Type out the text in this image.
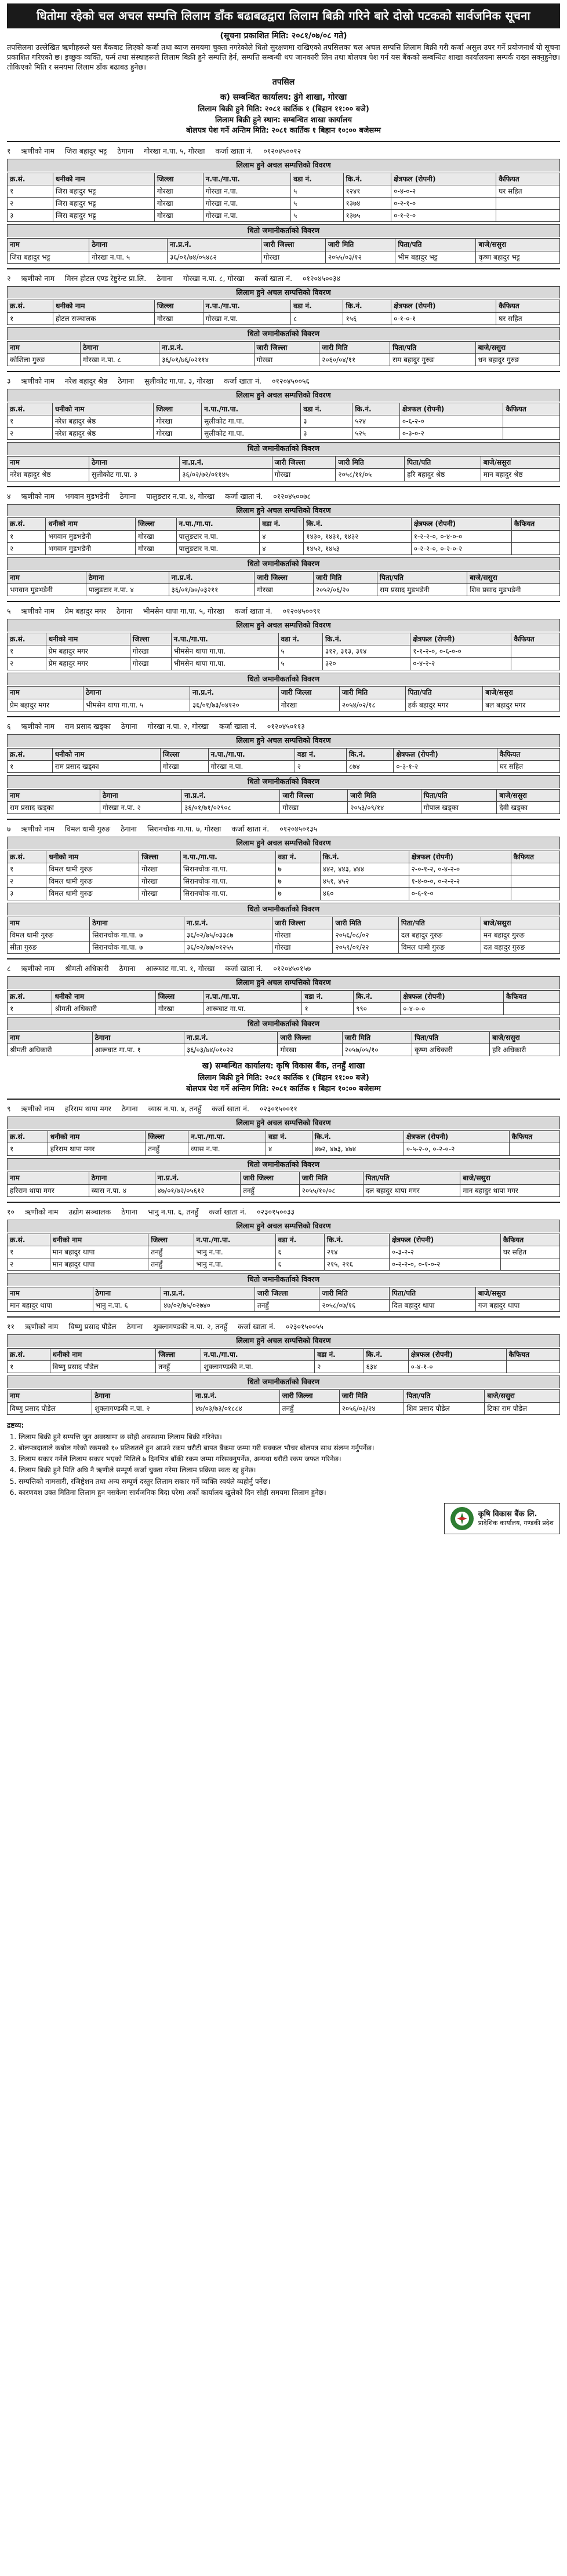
धितोमा रहेको चल अचल सम्पत्ति लिलाम डाँक बढाबढद्वारा लिलाम बिक्री गरिने बारे दोस्रो पटकको सार्वजनिक सूचना
(सूचना प्रकाशित मिति: २०८१/०७/०८ गते)
तपसिलमा उल्लेखित ऋणीहरूले यस बैंकबाट लिएको कर्जा तथा ब्याज समयमा चुक्ता नगरेकोले धितो सुरक्षणमा राखिएको तपसिलका चल अचल सम्पत्ति लिलाम बिक्री गरी कर्जा असुल उपर गर्ने प्रयोजनार्थ यो सूचना प्रकाशित गरिएको छ। इच्छुक व्यक्ति, फर्म तथा संस्थाहरूले लिलाम बिक्री हुने सम्पत्ति हेर्न, सम्पत्ति सम्बन्धी थप जानकारी लिन तथा बोलपत्र पेश गर्न यस बैंकको सम्बन्धित शाखा कार्यालयमा सम्पर्क राख्न सक्नुहुनेछ। तोकिएको मिति र समयमा लिलाम डाँक बढाबढ हुनेछ।
तपसिल
क) सम्बन्धित कार्यालय: ढुंगे शाखा, गोरखा
लिलाम बिक्री हुने मिति: २०८१ कार्तिक १ (बिहान ११:०० बजे)
लिलाम बिक्री हुने स्थान: सम्बन्धित शाखा कार्यालय
बोलपत्र पेश गर्ने अन्तिम मिति: २०८१ कार्तिक १ बिहान १०:०० बजेसम्म
१ ऋणीको नाम जिरा बहादुर भट्ट ठेगाना गोरखा न.पा. ५, गोरखा कर्जा खाता नं. ०१२०४५००१२
लिलाम हुने अचल सम्पत्तिको विवरण
क्र.सं.	धनीको नाम	जिल्ला	न.पा./गा.पा.	वडा नं.	कि.नं.	क्षेत्रफल (रोपनी)	कैफियत
१	जिरा बहादुर भट्ट	गोरखा	गोरखा न.पा.	५	१२४१	०-४-०-२	घर सहित
२	जिरा बहादुर भट्ट	गोरखा	गोरखा न.पा.	५	१३७४	०-२-१-०	
३	जिरा बहादुर भट्ट	गोरखा	गोरखा न.पा.	५	१३७५	०-१-२-०	
धितो जमानीकर्ताको विवरण
नाम	ठेगाना	ना.प्र.नं.	जारी जिल्ला	जारी मिति	पिता/पति	बाजे/ससुरा
जिरा बहादुर भट्ट	गोरखा न.पा. ५	३६/०१/७४/०५४८२	गोरखा	२०५५/०३/१२	भीम बहादुर भट्ट	कृष्ण बहादुर भट्ट
२ ऋणीको नाम मिस्न होटल एण्ड रेष्टुरेन्ट प्रा.लि. ठेगाना गोरखा न.पा. ८, गोरखा कर्जा खाता नं. ०१२०४५००३४
लिलाम हुने अचल सम्पत्तिको विवरण
क्र.सं.	धनीको नाम	जिल्ला	न.पा./गा.पा.	वडा नं.	कि.नं.	क्षेत्रफल (रोपनी)	कैफियत
१	होटल सञ्चालक	गोरखा	गोरखा न.पा.	८	१५६	०-१-०-१	घर सहित
धितो जमानीकर्ताको विवरण
नाम	ठेगाना	ना.प्र.नं.	जारी जिल्ला	जारी मिति	पिता/पति	बाजे/ससुरा
कोशिला गुरुङ	गोरखा न.पा. ८	३६/०१/७६/०२११४	गोरखा	२०६०/०४/११	राम बहादुर गुरुङ	धन बहादुर गुरुङ
३ ऋणीको नाम नरेश बहादुर श्रेष्ठ ठेगाना सुलीकोट गा.पा. ३, गोरखा कर्जा खाता नं. ०१२०४५००५६
लिलाम हुने अचल सम्पत्तिको विवरण
क्र.सं.	धनीको नाम	जिल्ला	न.पा./गा.पा.	वडा नं.	कि.नं.	क्षेत्रफल (रोपनी)	कैफियत
१	नरेश बहादुर श्रेष्ठ	गोरखा	सुलीकोट गा.पा.	३	५२४	०-६-२-०	
२	नरेश बहादुर श्रेष्ठ	गोरखा	सुलीकोट गा.पा.	३	५२५	०-३-०-२	
धितो जमानीकर्ताको विवरण
नाम	ठेगाना	ना.प्र.नं.	जारी जिल्ला	जारी मिति	पिता/पति	बाजे/ससुरा
नरेश बहादुर श्रेष्ठ	सुलीकोट गा.पा. ३	३६/०२/७२/०११४५	गोरखा	२०५८/११/०५	हरि बहादुर श्रेष्ठ	मान बहादुर श्रेष्ठ
४ ऋणीको नाम भगवान मुडभडेनी ठेगाना पालुङटार न.पा. ४, गोरखा कर्जा खाता नं. ०१२०४५००७८
लिलाम हुने अचल सम्पत्तिको विवरण
क्र.सं.	धनीको नाम	जिल्ला	न.पा./गा.पा.	वडा नं.	कि.नं.	क्षेत्रफल (रोपनी)	कैफियत
१	भगवान मुडभडेनी	गोरखा	पालुङटार न.पा.	४	१४३०, १४३१, १४३२	१-२-२-०, ०-४-०-०	
२	भगवान मुडभडेनी	गोरखा	पालुङटार न.पा.	४	१४५२, १४५३	०-२-२-०, ०-२-०-२	
धितो जमानीकर्ताको विवरण
नाम	ठेगाना	ना.प्र.नं.	जारी जिल्ला	जारी मिति	पिता/पति	बाजे/ससुरा
भगवान मुडभडेनी	पालुङटार न.पा. ४	३६/०१/७०/०३२११	गोरखा	२०५२/०६/२०	राम प्रसाद मुडभडेनी	शिव प्रसाद मुडभडेनी
५ ऋणीको नाम प्रेम बहादुर मगर ठेगाना भीमसेन थापा गा.पा. ५, गोरखा कर्जा खाता नं. ०१२०४५००९१
लिलाम हुने अचल सम्पत्तिको विवरण
क्र.सं.	धनीको नाम	जिल्ला	न.पा./गा.पा.	वडा नं.	कि.नं.	क्षेत्रफल (रोपनी)	कैफियत
१	प्रेम बहादुर मगर	गोरखा	भीमसेन थापा गा.पा.	५	३१२, ३१३, ३१४	१-१-२-०, ०-६-०-०	
२	प्रेम बहादुर मगर	गोरखा	भीमसेन थापा गा.पा.	५	३२०	०-४-२-२	
धितो जमानीकर्ताको विवरण
नाम	ठेगाना	ना.प्र.नं.	जारी जिल्ला	जारी मिति	पिता/पति	बाजे/ससुरा
प्रेम बहादुर मगर	भीमसेन थापा गा.पा. ५	३६/०१/७३/०४१२०	गोरखा	२०५४/०२/१८	हर्क बहादुर मगर	बल बहादुर मगर
६ ऋणीको नाम राम प्रसाद खड्का ठेगाना गोरखा न.पा. २, गोरखा कर्जा खाता नं. ०१२०४५०११३
लिलाम हुने अचल सम्पत्तिको विवरण
क्र.सं.	धनीको नाम	जिल्ला	न.पा./गा.पा.	वडा नं.	कि.नं.	क्षेत्रफल (रोपनी)	कैफियत
१	राम प्रसाद खड्का	गोरखा	गोरखा न.पा.	२	८७४	०-३-१-२	घर सहित
धितो जमानीकर्ताको विवरण
नाम	ठेगाना	ना.प्र.नं.	जारी जिल्ला	जारी मिति	पिता/पति	बाजे/ससुरा
राम प्रसाद खड्का	गोरखा न.पा. २	३६/०१/७१/०२९०८	गोरखा	२०५३/०९/१४	गोपाल खड्का	देवी खड्का
७ ऋणीको नाम विमल धामी गुरुङ ठेगाना सिरानचोक गा.पा. ७, गोरखा कर्जा खाता नं. ०१२०४५०१३५
लिलाम हुने अचल सम्पत्तिको विवरण
क्र.सं.	धनीको नाम	जिल्ला	न.पा./गा.पा.	वडा नं.	कि.नं.	क्षेत्रफल (रोपनी)	कैफियत
१	विमल धामी गुरुङ	गोरखा	सिरानचोक गा.पा.	७	४४२, ४४३, ४४४	२-०-१-२, ०-४-२-०	
२	विमल धामी गुरुङ	गोरखा	सिरानचोक गा.पा.	७	४५१, ४५२	१-४-०-०, ०-२-२-२	
३	विमल धामी गुरुङ	गोरखा	सिरानचोक गा.पा.	७	४६०	०-६-१-०	
धितो जमानीकर्ताको विवरण
नाम	ठेगाना	ना.प्र.नं.	जारी जिल्ला	जारी मिति	पिता/पति	बाजे/ससुरा
विमल धामी गुरुङ	सिरानचोक गा.पा. ७	३६/०२/७५/०३३८७	गोरखा	२०५६/०८/०२	दल बहादुर गुरुङ	मन बहादुर गुरुङ
सीता गुरुङ	सिरानचोक गा.पा. ७	३६/०२/७७/०१२५५	गोरखा	२०५९/०१/२२	विमल धामी गुरुङ	दल बहादुर गुरुङ
८ ऋणीको नाम श्रीमती अधिकारी ठेगाना आरूघाट गा.पा. १, गोरखा कर्जा खाता नं. ०१२०४५०१५७
लिलाम हुने अचल सम्पत्तिको विवरण
क्र.सं.	धनीको नाम	जिल्ला	न.पा./गा.पा.	वडा नं.	कि.नं.	क्षेत्रफल (रोपनी)	कैफियत
१	श्रीमती अधिकारी	गोरखा	आरूघाट गा.पा.	१	९९०	०-४-०-०	
धितो जमानीकर्ताको विवरण
नाम	ठेगाना	ना.प्र.नं.	जारी जिल्ला	जारी मिति	पिता/पति	बाजे/ससुरा
श्रीमती अधिकारी	आरूघाट गा.पा. १	३६/०३/७४/०१०२२	गोरखा	२०५७/०५/१०	कृष्ण अधिकारी	हरि अधिकारी
ख) सम्बन्धित कार्यालय: कृषि विकास बैंक, तनहुँ शाखा
लिलाम बिक्री हुने मिति: २०८१ कार्तिक १ (बिहान ११:०० बजे)
बोलपत्र पेश गर्ने अन्तिम मिति: २०८१ कार्तिक १ बिहान १०:०० बजेसम्म
९ ऋणीको नाम हरिराम थापा मगर ठेगाना व्यास न.पा. ४, तनहुँ कर्जा खाता नं. ०२३०१५००११
लिलाम हुने अचल सम्पत्तिको विवरण
क्र.सं.	धनीको नाम	जिल्ला	न.पा./गा.पा.	वडा नं.	कि.नं.	क्षेत्रफल (रोपनी)	कैफियत
१	हरिराम थापा मगर	तनहुँ	व्यास न.पा.	४	४७२, ४७३, ४७४	०-५-२-०, ०-२-०-२	
धितो जमानीकर्ताको विवरण
नाम	ठेगाना	ना.प्र.नं.	जारी जिल्ला	जारी मिति	पिता/पति	बाजे/ससुरा
हरिराम थापा मगर	व्यास न.पा. ४	४७/०१/७२/०५६१२	तनहुँ	२०५५/१०/०८	दल बहादुर थापा मगर	मान बहादुर थापा मगर
१० ऋणीको नाम उद्योग सञ्चालक ठेगाना भानु न.पा. ६, तनहुँ कर्जा खाता नं. ०२३०१५००३३
लिलाम हुने अचल सम्पत्तिको विवरण
क्र.सं.	धनीको नाम	जिल्ला	न.पा./गा.पा.	वडा नं.	कि.नं.	क्षेत्रफल (रोपनी)	कैफियत
१	मान बहादुर थापा	तनहुँ	भानु न.पा.	६	२१४	०-३-२-२	घर सहित
२	मान बहादुर थापा	तनहुँ	भानु न.पा.	६	२१५, २१६	०-२-२-०, ०-१-०-२	
धितो जमानीकर्ताको विवरण
नाम	ठेगाना	ना.प्र.नं.	जारी जिल्ला	जारी मिति	पिता/पति	बाजे/ससुरा
मान बहादुर थापा	भानु न.पा. ६	४७/०२/७५/०२७४०	तनहुँ	२०५८/०७/१६	दिल बहादुर थापा	गज बहादुर थापा
११ ऋणीको नाम विष्णु प्रसाद पौडेल ठेगाना शुक्लागण्डकी न.पा. २, तनहुँ कर्जा खाता नं. ०२३०१५००५५
लिलाम हुने अचल सम्पत्तिको विवरण
क्र.सं.	धनीको नाम	जिल्ला	न.पा./गा.पा.	वडा नं.	कि.नं.	क्षेत्रफल (रोपनी)	कैफियत
१	विष्णु प्रसाद पौडेल	तनहुँ	शुक्लागण्डकी न.पा.	२	६३४	०-४-१-०	
धितो जमानीकर्ताको विवरण
नाम	ठेगाना	ना.प्र.नं.	जारी जिल्ला	जारी मिति	पिता/पति	बाजे/ससुरा
विष्णु प्रसाद पौडेल	शुक्लागण्डकी न.पा. २	४७/०३/७३/०१८८४	तनहुँ	२०५६/०३/२४	शिव प्रसाद पौडेल	टिका राम पौडेल
द्रष्टव्य:
1. लिलाम बिक्री हुने सम्पत्ति जुन अवस्थामा छ सोही अवस्थामा लिलाम बिक्री गरिनेछ।
2. बोलपत्रदाताले कबोल गरेको रकमको १० प्रतिशतले हुन आउने रकम धरौटी बापत बैंकमा जम्मा गरी सक्कल भौचर बोलपत्र साथ संलग्न गर्नुपर्नेछ।
3. लिलाम सकार गर्नेले लिलाम सकार भएको मितिले ७ दिनभित्र बाँकी रकम जम्मा गरिसक्नुपर्नेछ, अन्यथा धरौटी रकम जफत गरिनेछ।
4. लिलाम बिक्री हुने मिति अघि नै ऋणीले सम्पूर्ण कर्जा चुक्ता गरेमा लिलाम प्रक्रिया स्वतः रद्द हुनेछ।
5. सम्पत्तिको नामसारी, रजिष्ट्रेशन तथा अन्य सम्पूर्ण दस्तुर लिलाम सकार गर्ने व्यक्ति स्वयंले व्यहोर्नु पर्नेछ।
6. कारणवश उक्त मितिमा लिलाम हुन नसकेमा सार्वजनिक बिदा परेमा अर्को कार्यालय खुलेको दिन सोही समयमा लिलाम हुनेछ।
कृषि विकास बैंक लि.
प्रादेशिक कार्यालय, गण्डकी प्रदेश
